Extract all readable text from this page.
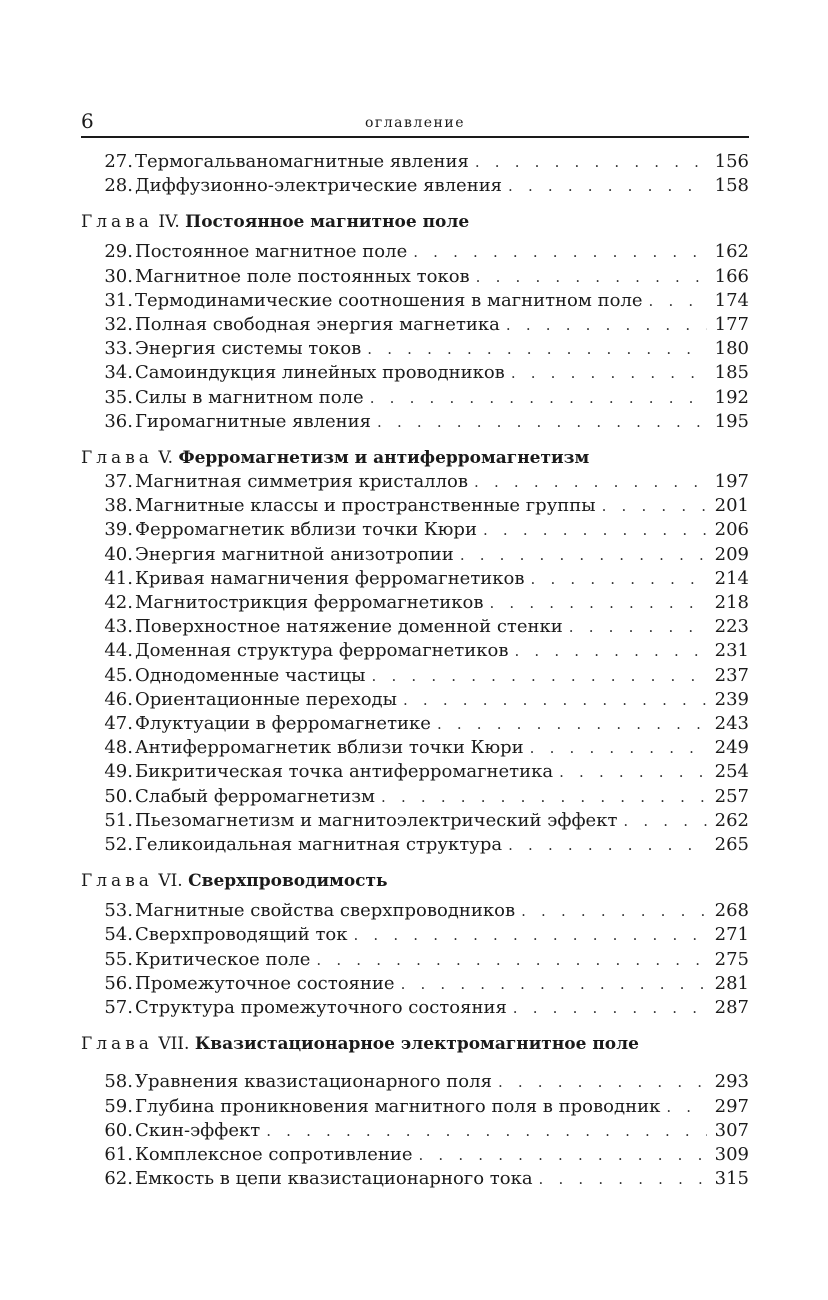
6	оглавление
27. Термогальваномагнитные явления . . .	156
28. Диффузионно-электрические явления . . .	158

Глава IV. Постоянное магнитное поле

29. Постоянное магнитное поле . . .	162
30. Магнитное поле постоянных токов . . .	166
31. Термодинамические соотношения в магнитном поле . . .	174
32. Полная свободная энергия магнетика . . .	177
33. Энергия системы токов . . .	180
34. Самоиндукция линейных проводников . . .	185
35. Силы в магнитном поле . . .	192
36. Гиромагнитные явления . . .	195

Глава V. Ферромагнетизм и антиферромагнетизм

37. Магнитная симметрия кристаллов . . .	197
38. Магнитные классы и пространственные группы . . .	201
39. Ферромагнетик вблизи точки Кюри . . .	206
40. Энергия магнитной анизотропии . . .	209
41. Кривая намагничения ферромагнетиков . . .	214
42. Магнитострикция ферромагнетиков . . .	218
43. Поверхностное натяжение доменной стенки . . .	223
44. Доменная структура ферромагнетиков . . .	231
45. Однодоменные частицы . . .	237
46. Ориентационные переходы . . .	239
47. Флуктуации в ферромагнетике . . .	243
48. Антиферромагнетик вблизи точки Кюри . . .	249
49. Бикритическая точка антиферромагнетика . . .	254
50. Слабый ферромагнетизм . . .	257
51. Пьезомагнетизм и магнитоэлектрический эффект . . .	262
52. Геликоидальная магнитная структура . . .	265

Глава VI. Сверхпроводимость

53. Магнитные свойства сверхпроводников . . .	268
54. Сверхпроводящий ток . . .	271
55. Критическое поле . . .	275
56. Промежуточное состояние . . .	281
57. Структура промежуточного состояния . . .	287

Глава VII. Квазистационарное электромагнитное поле

58. Уравнения квазистационарного поля . . .	293
59. Глубина проникновения магнитного поля в проводник . . .	297
60. Скин-эффект . . .	307
61. Комплексное сопротивление . . .	309
62. Емкость в цепи квазистационарного тока . . .	315
